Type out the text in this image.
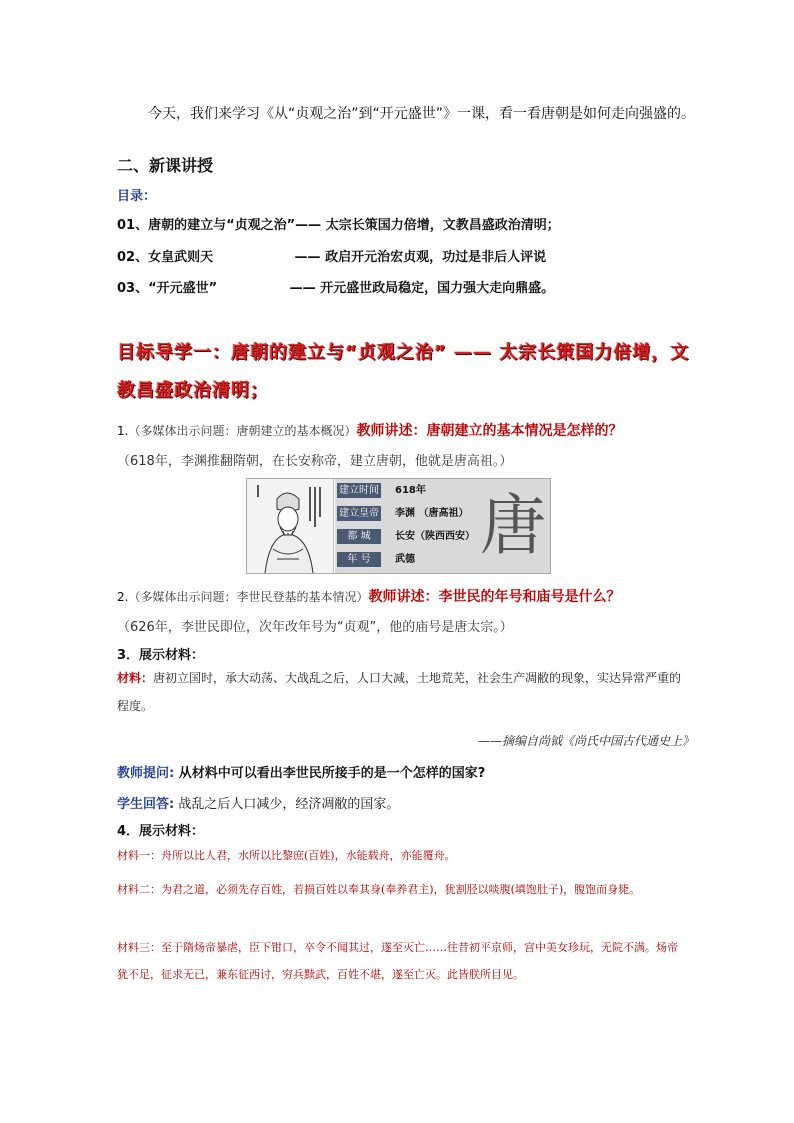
今天，我们来学习《从“贞观之治”到“开元盛世”》一课，看一看唐朝是如何走向强盛的。
二、新课讲授
目录：
01、唐朝的建立与“贞观之治”—— 太宗长策国力倍增，文教昌盛政治清明；
02、女皇武则天                  —— 政启开元治宏贞观，功过是非后人评说
03、“开元盛世”                —— 开元盛世政局稳定，国力强大走向鼎盛。
目标导学一：唐朝的建立与“贞观之治” —— 太宗长策国力倍增，文
教昌盛政治清明；
1.（多媒体出示问题：唐朝建立的基本概况）教师讲述：唐朝建立的基本情况是怎样的？
（618年，李渊推翻隋朝，在长安称帝，建立唐朝，他就是唐高祖。）
建立时间 618年
建立皇帝 李渊 （唐高祖）
都 城	长安（陕西西安）
年 号	武德 唐
2.（多媒体出示问题：李世民登基的基本情况）教师讲述：李世民的年号和庙号是什么？
（626年，李世民即位，次年改年号为“贞观”，他的庙号是唐太宗。）
3．展示材料：
材料：唐初立国时，承大动荡、大战乱之后，人口大减，土地荒芜，社会生产凋敝的现象，实达异常严重的程度。
——摘编自尚钺《尚氏中国古代通史上》
教师提问: 从材料中可以看出李世民所接手的是一个怎样的国家?
学生回答: 战乱之后人口减少，经济凋敝的国家。
4．展示材料：
材料一：舟所以比人君，水所以比黎庶(百姓)，水能载舟，亦能覆舟。
材料二：为君之道，必须先存百姓，若损百姓以奉其身(奉养君主)，犹割胫以啖腹(填饱肚子)，腹饱而身毙。
材料三：至于隋炀帝暴虐，臣下钳口，卒令不闻其过，遂至灭亡……往昔初平京师，宫中美女珍玩，无院不满。炀帝犹不足，征求无已，兼东征西讨，穷兵黩武，百姓不堪，遂至亡灭。此皆朕所目见。
